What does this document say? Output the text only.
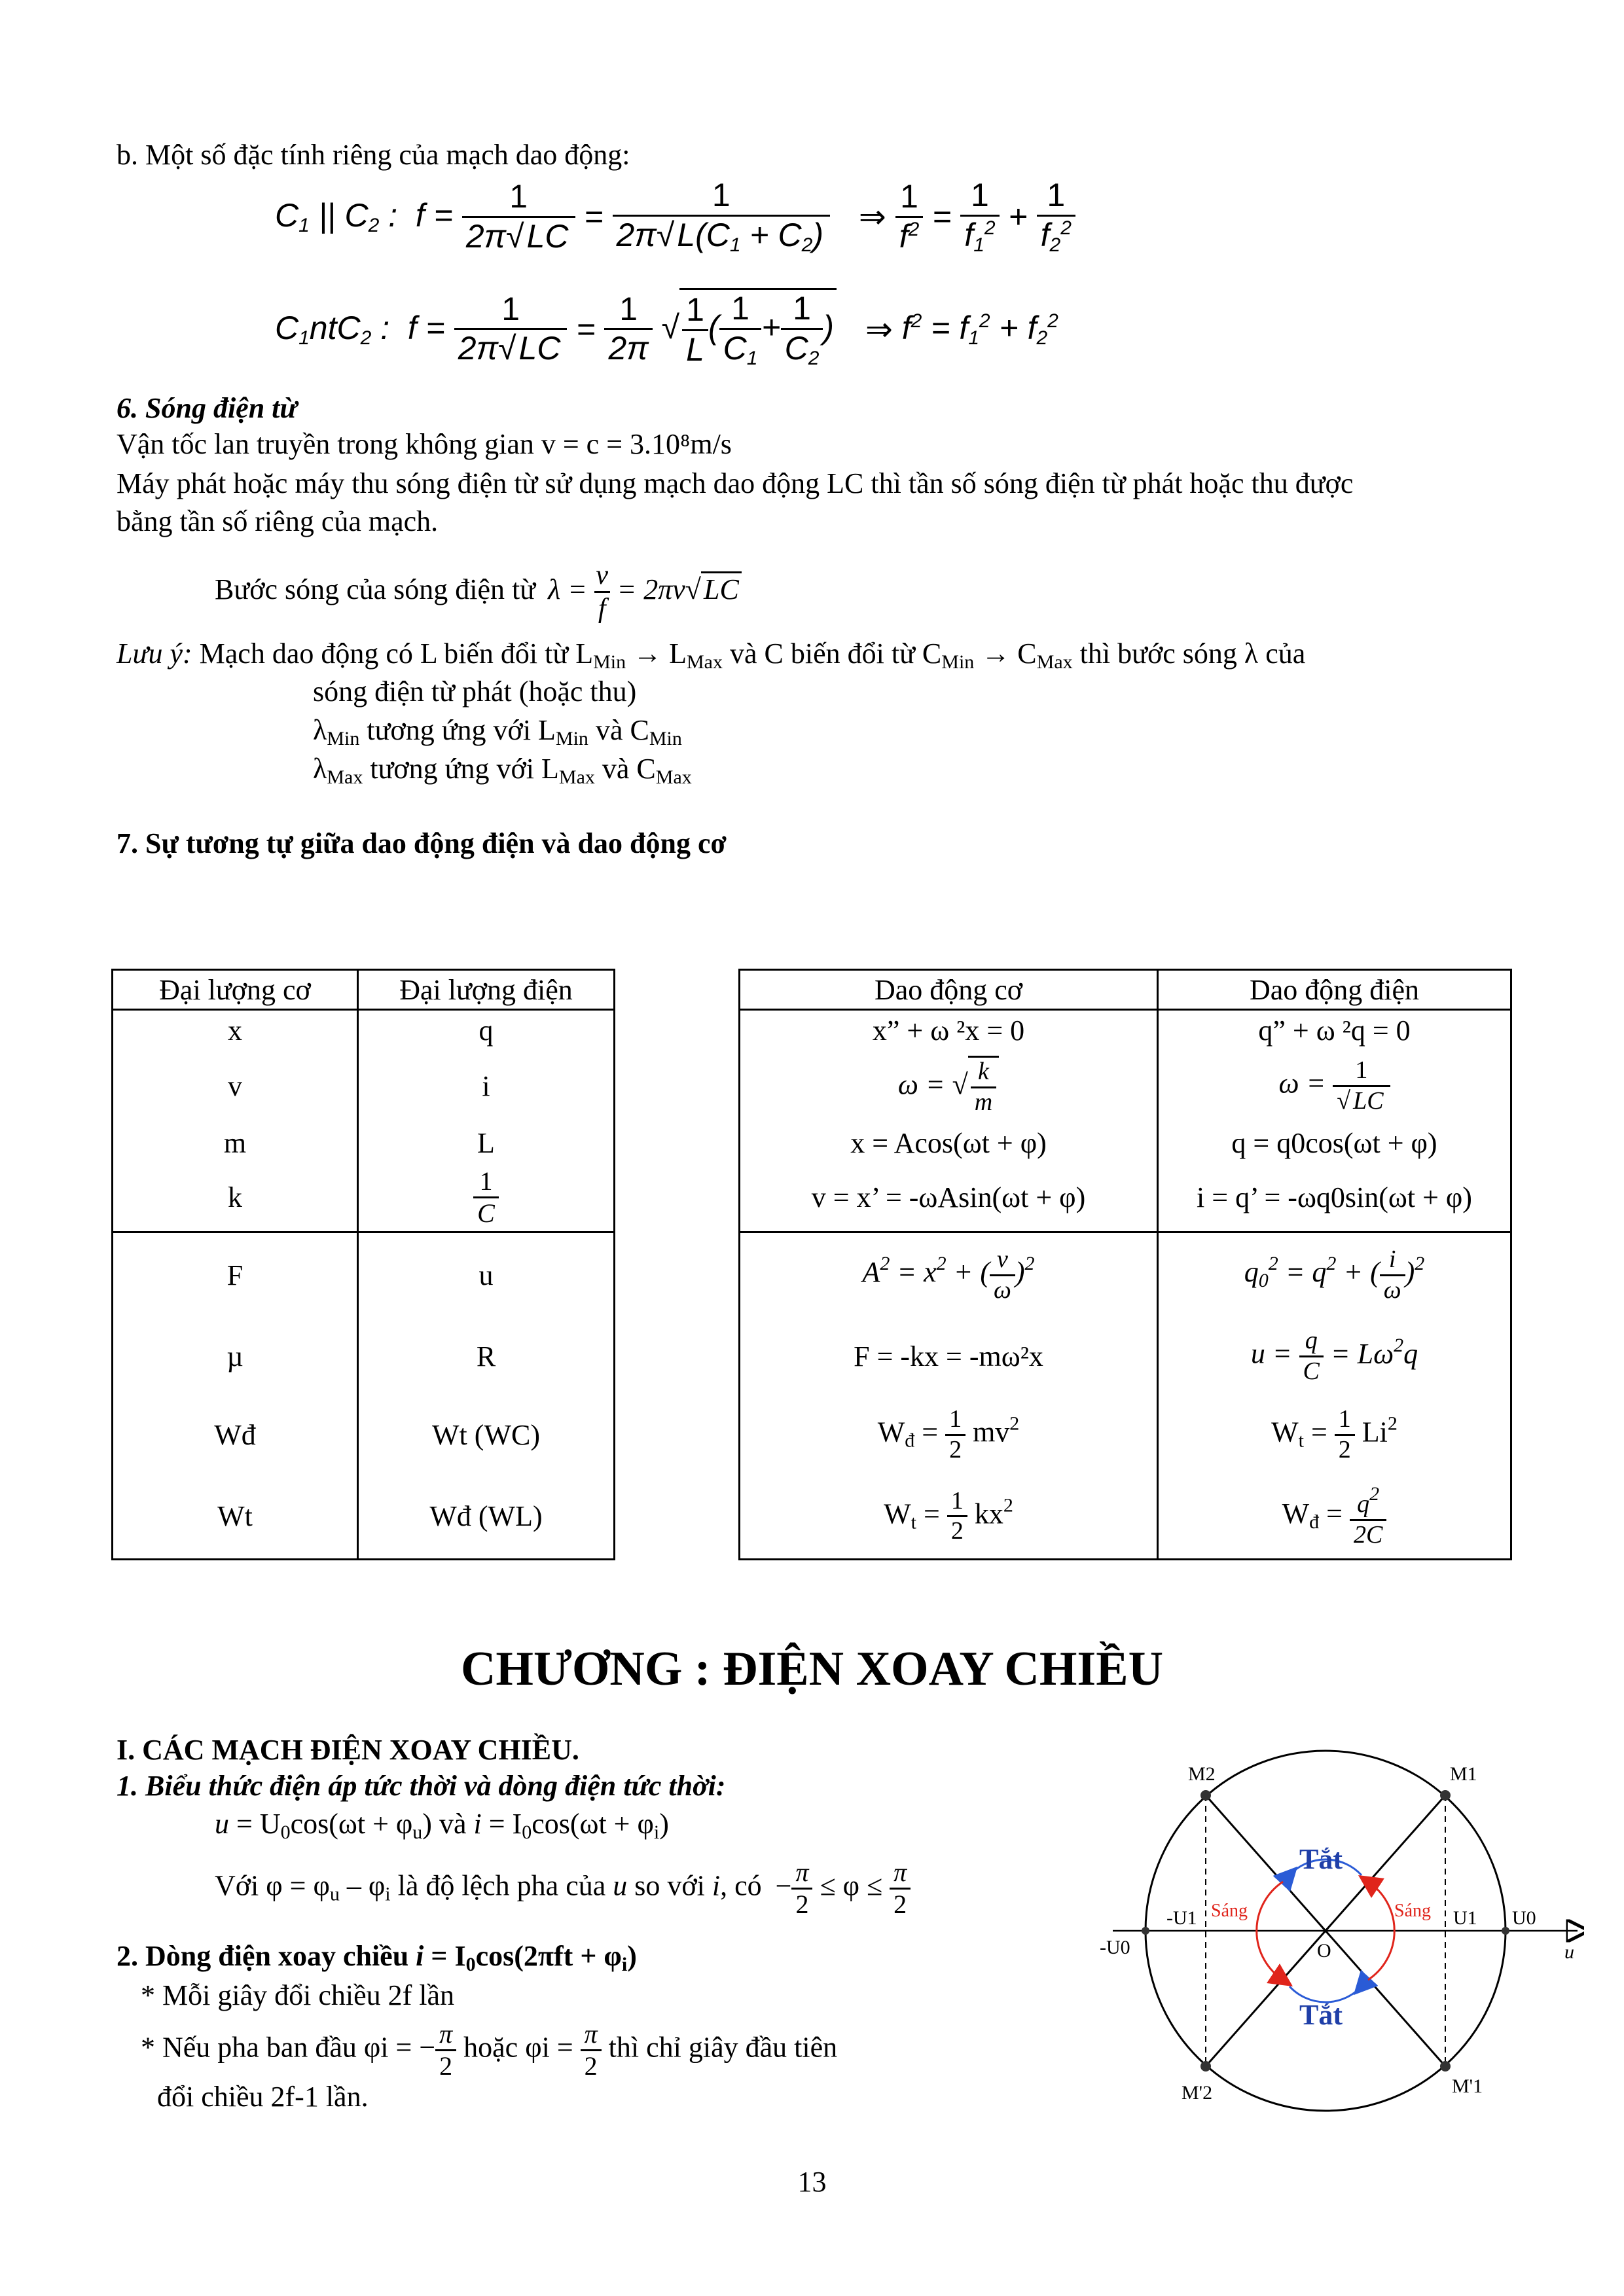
b. Một số đặc tính riêng của mạch dao động:
$C_1$ || $C_2$ :  $f = \frac{1}{2\pi√LC} = \frac{1}{2\pi√L(C_1 + C_2)}$ ⇒ $\frac{1}{f^2} = \frac{1}{f_1^2} + \frac{1}{f_2^2}$
$C_1ntC_2$ :  $f = \frac{1}{2\pi√LC} = \frac{1}{2\pi}$ √ $\frac{1}{L}$ ( $\frac{1}{C_1} + \frac{1}{C_2}$ ) ⇒ $f^2 = f_1^2 + f_2^2$
6. Sóng điện từ
Vận tốc lan truyền trong không gian v = c = 3.10⁸m/s
Máy phát hoặc máy thu sóng điện từ sử dụng mạch dao động LC thì tần số sóng điện từ phát hoặc thu được
bằng tần số riêng của mạch.
Bước sóng của sóng điện từ $\lambda = \frac{v}{f} = 2\pi v√LC$
Lưu ý: Mạch dao động có L biến đổi từ $L_{Min} \to L_{Max}$ và C biến đổi từ $C_{Min} \to C_{Max}$ thì bước sóng λ của
sóng điện từ phát (hoặc thu)
$\lambda_{Min}$ tương ứng với $L_{Min}$ và $C_{Min}$
$\lambda_{Max}$ tương ứng với $L_{Max}$ và $C_{Max}$
7. Sự tương tự giữa dao động điện và dao động cơ
Đại lượng cơ	Đại lượng điện
x	q
v	i
m	L
k	$\frac{1}{C}$

F	u
µ	R
Wđ	Wt (WC)
Wt	Wđ (WL)
Dao động cơ	Dao động điện
x” + ω ²x = 0	q” + ω ²q = 0
ω = √ $\frac{k}{m}$	$\omega = \frac{1}{√ LC}$

x = Acos(ωt + φ)	q = q0cos(ωt + φ)
v = x’ = -ωAsin(ωt + φ)	i = q’ = -ωq0sin(ωt + φ)
$A^2 = x^2$ + ( $\frac{v}{\omega} )^2$	$q_0^2 = q^2$ + ( $\frac{i}{\omega} )^2$
F = -kx = -mω²x	$u = \frac{q}{C} = L\omega^2q$
$W_đ = \frac{1}{2} mv^2$	$W_t = \frac{1}{2} Li^2$
$W_t = \frac{1}{2} kx^2$	$W_đ = \frac{q^2}{2C}$
CHƯƠNG : ĐIỆN XOAY CHIỀU
I. CÁC MẠCH ĐIỆN XOAY CHIỀU.
1. Biểu thức điện áp tức thời và dòng điện tức thời:
$u = U_0\cos(\omega t + \varphi_u)$ và $i = I_0\cos(\omega t + \varphi_i)$
Với $\varphi = \varphi_u - \varphi_i$ là độ lệch pha của u so với i, có − $\frac{\pi}{2} \le \varphi \le \frac{\pi}{2}$
2. Dòng điện xoay chiều $i = I_0\cos(2\pi ft + \varphi_i)$
* Mỗi giây đổi chiều 2f lần
* Nếu pha ban đầu φi = − $\frac{\pi}{2}$ hoặc $\varphi i = \frac{\pi}{2}$ thì chỉ giây đầu tiên
đổi chiều 2f-1 lần.
M2	M1
M'2	M'1
O	u
-U0
-U1	U1 U0
Tắt
Tắt
Sáng	Sáng
13
